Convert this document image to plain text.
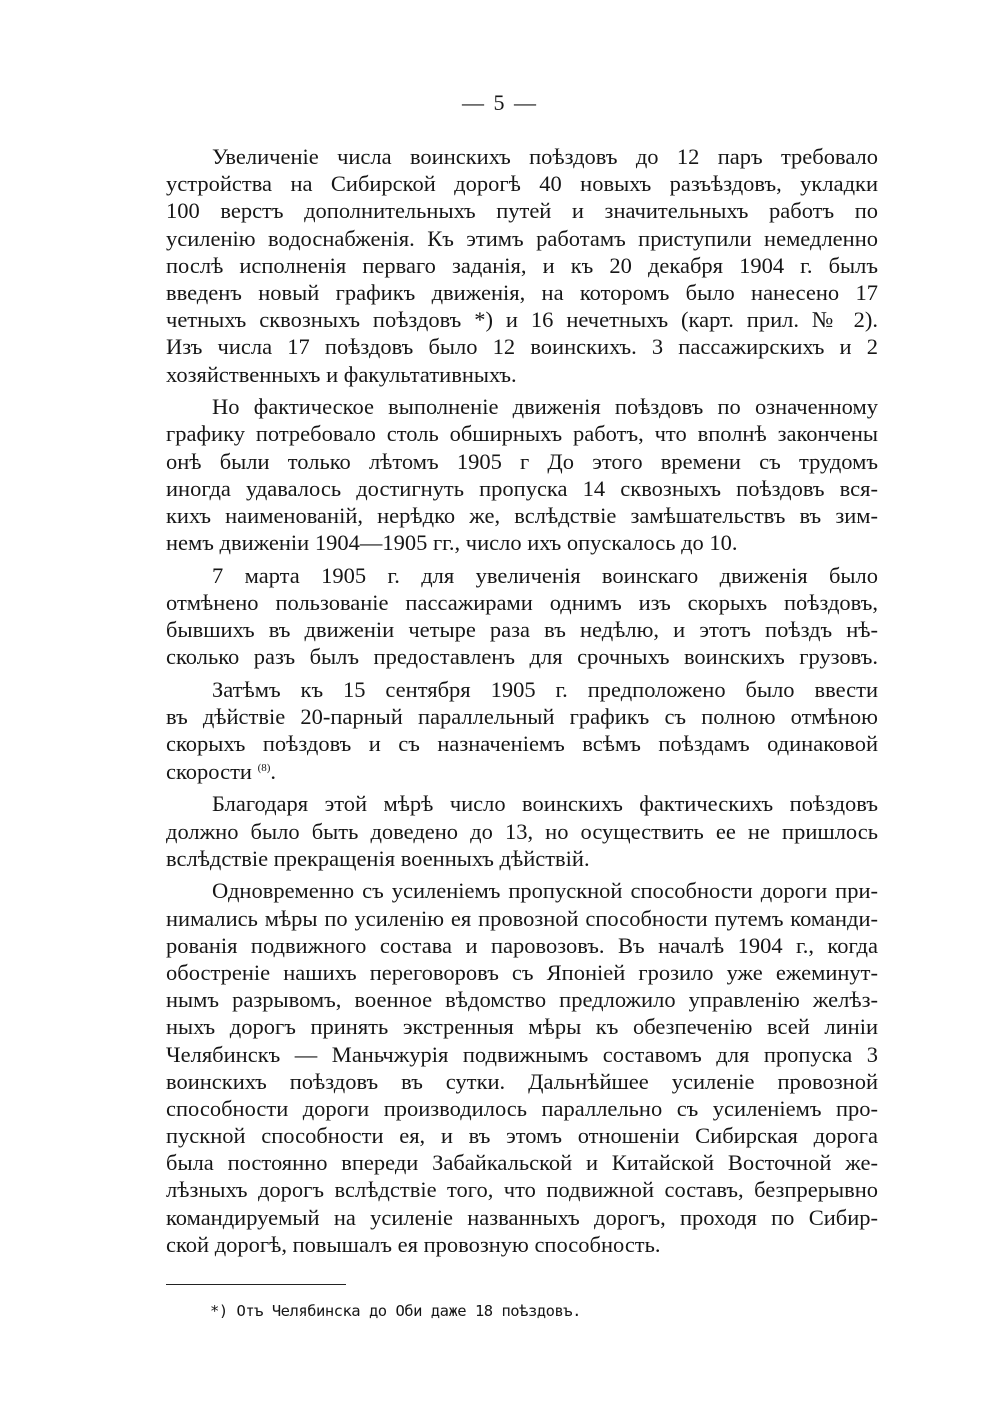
— 5 —
Увеличенiе числа воинскихъ поѣздовъ до 12 паръ требовало
устройства на Сибирской дорогѣ 40 новыхъ разъѣздовъ, укладки
100 верстъ дополнительныхъ путей и значительныхъ работъ по
усиленiю водоснабженiя. Къ этимъ работамъ приступили немедленно
послѣ исполненiя перваго заданiя, и къ 20 декабря 1904 г. былъ
введенъ новый графикъ движенiя, на которомъ было нанесено 17
четныхъ сквозныхъ поѣздовъ *) и 16 нечетныхъ (карт. прил. № 2).
Изъ числа 17 поѣздовъ было 12 воинскихъ. 3 пассажирскихъ и 2
хозяйственныхъ и факультативныхъ.
Но фактическое выполненiе движенiя поѣздовъ по означенному
графику потребовало столь обширныхъ работъ, что вполнѣ закончены
онѣ были только лѣтомъ 1905 г До этого времени съ трудомъ
иногда удавалось достигнуть пропуска 14 сквозныхъ поѣздовъ вся-
кихъ наименованiй, нерѣдко же, вслѣдствiе замѣшательствъ въ зим-
немъ движенiи 1904—1905 гг., число ихъ опускалось до 10.
7 марта 1905 г. для увеличенiя воинскаго движенiя было
отмѣнено пользованiе пассажирами однимъ изъ скорыхъ поѣздовъ,
бывшихъ въ движенiи четыре раза въ недѣлю, и этотъ поѣздъ нѣ-
сколько разъ былъ предоставленъ для срочныхъ воинскихъ грузовъ.
Затѣмъ къ 15 сентября 1905 г. предположено было ввести
въ дѣйствiе 20-парный параллельный графикъ съ полною отмѣною
скорыхъ поѣздовъ и съ назначенiемъ всѣмъ поѣздамъ одинаковой
скорости $^{(8)}$.
Благодаря этой мѣрѣ число воинскихъ фактическихъ поѣздовъ
должно было быть доведено до 13, но осуществить ее не пришлось
вслѣдствiе прекращенiя военныхъ дѣйствiй.
Одновременно съ усиленiемъ пропускной способности дороги при-
нимались мѣры по усиленiю ея провозной способности путемъ команди-
рованiя подвижного состава и паровозовъ. Въ началѣ 1904 г., когда
обостренiе нашихъ переговоровъ съ Японiей грозило уже ежеминут-
нымъ разрывомъ, военное вѣдомство предложило управленiю желѣз-
ныхъ дорогъ принять экстренныя мѣры къ обезпеченiю всей линiи
Челябинскъ — Маньчжурiя подвижнымъ составомъ для пропуска 3
воинскихъ поѣздовъ въ сутки. Дальнѣйшее усиленiе провозной
способности дороги производилось параллельно съ усиленiемъ про-
пускной способности ея, и въ этомъ отношенiи Сибирская дорога
была постоянно впереди Забайкальской и Китайской Восточной же-
лѣзныхъ дорогъ вслѣдствiе того, что подвижной составъ, безпрерывно
командируемый на усиленiе названныхъ дорогъ, проходя по Сибир-
ской дорогѣ, повышалъ ея провозную способность.
*) Отъ Челябинска до Оби даже 18 поѣздовъ.
